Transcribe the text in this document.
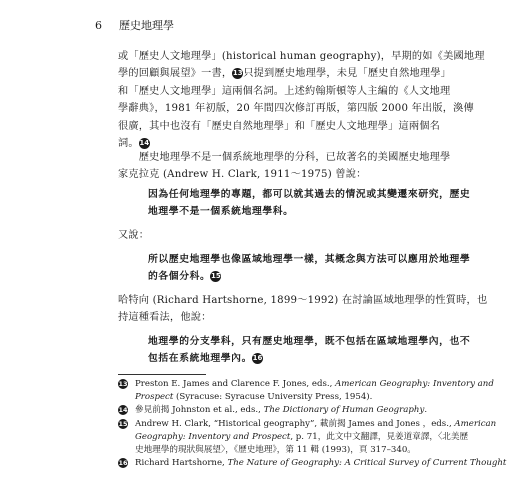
6 歷史地理學
或「歷史人文地理學」(historical human geography)，早期的如《美國地理
學的回顧與展望》一書，13只提到歷史地理學，未見「歷史自然地理學」
和「歷史人文地理學」這兩個名詞。上述約翰斯頓等人主編的《人文地理
學辭典》，1981 年初版，20 年間四次修訂再版，第四版 2000 年出版，渙傳
很廣，其中也沒有「歷史自然地理學」和「歷史人文地理學」這兩個名
詞。14
　　歷史地理學不是一個系統地理學的分科，已故著名的美國歷史地理學
家克拉克 (Andrew H. Clark, 1911～1975) 曾說：
因為任何地理學的專題，都可以就其過去的情況或其變遷來研究，歷史
地理學不是一個系統地理學科。
又說：
所以歷史地理學也像區域地理學一樣，其概念與方法可以應用於地理學
的各個分科。15
哈特向 (Richard Hartshorne, 1899～1992) 在討論區域地理學的性質時，也
持這種看法，他說：
地理學的分支學科，只有歷史地理學，既不包括在區域地理學內，也不
包括在系統地理學內。16
13 Preston E. James and Clarence F. Jones, eds., American Geography: Inventory and
Prospect (Syracuse: Syracuse University Press, 1954).
14 參見前揭 Johnston et al., eds., The Dictionary of Human Geography.
15 Andrew H. Clark, “Historical geography”, 載前揭 James and Jones ，eds., American
Geography: Inventory and Prospect, p. 71，此文中文翻譯，見姜道章譯，〈北美歷
史地理學的現狀與展望〉，《歷史地理》，第 11 輯 (1993)，頁 317–340。
16 Richard Hartshorne, The Nature of Geography: A Critical Survey of Current Thought
